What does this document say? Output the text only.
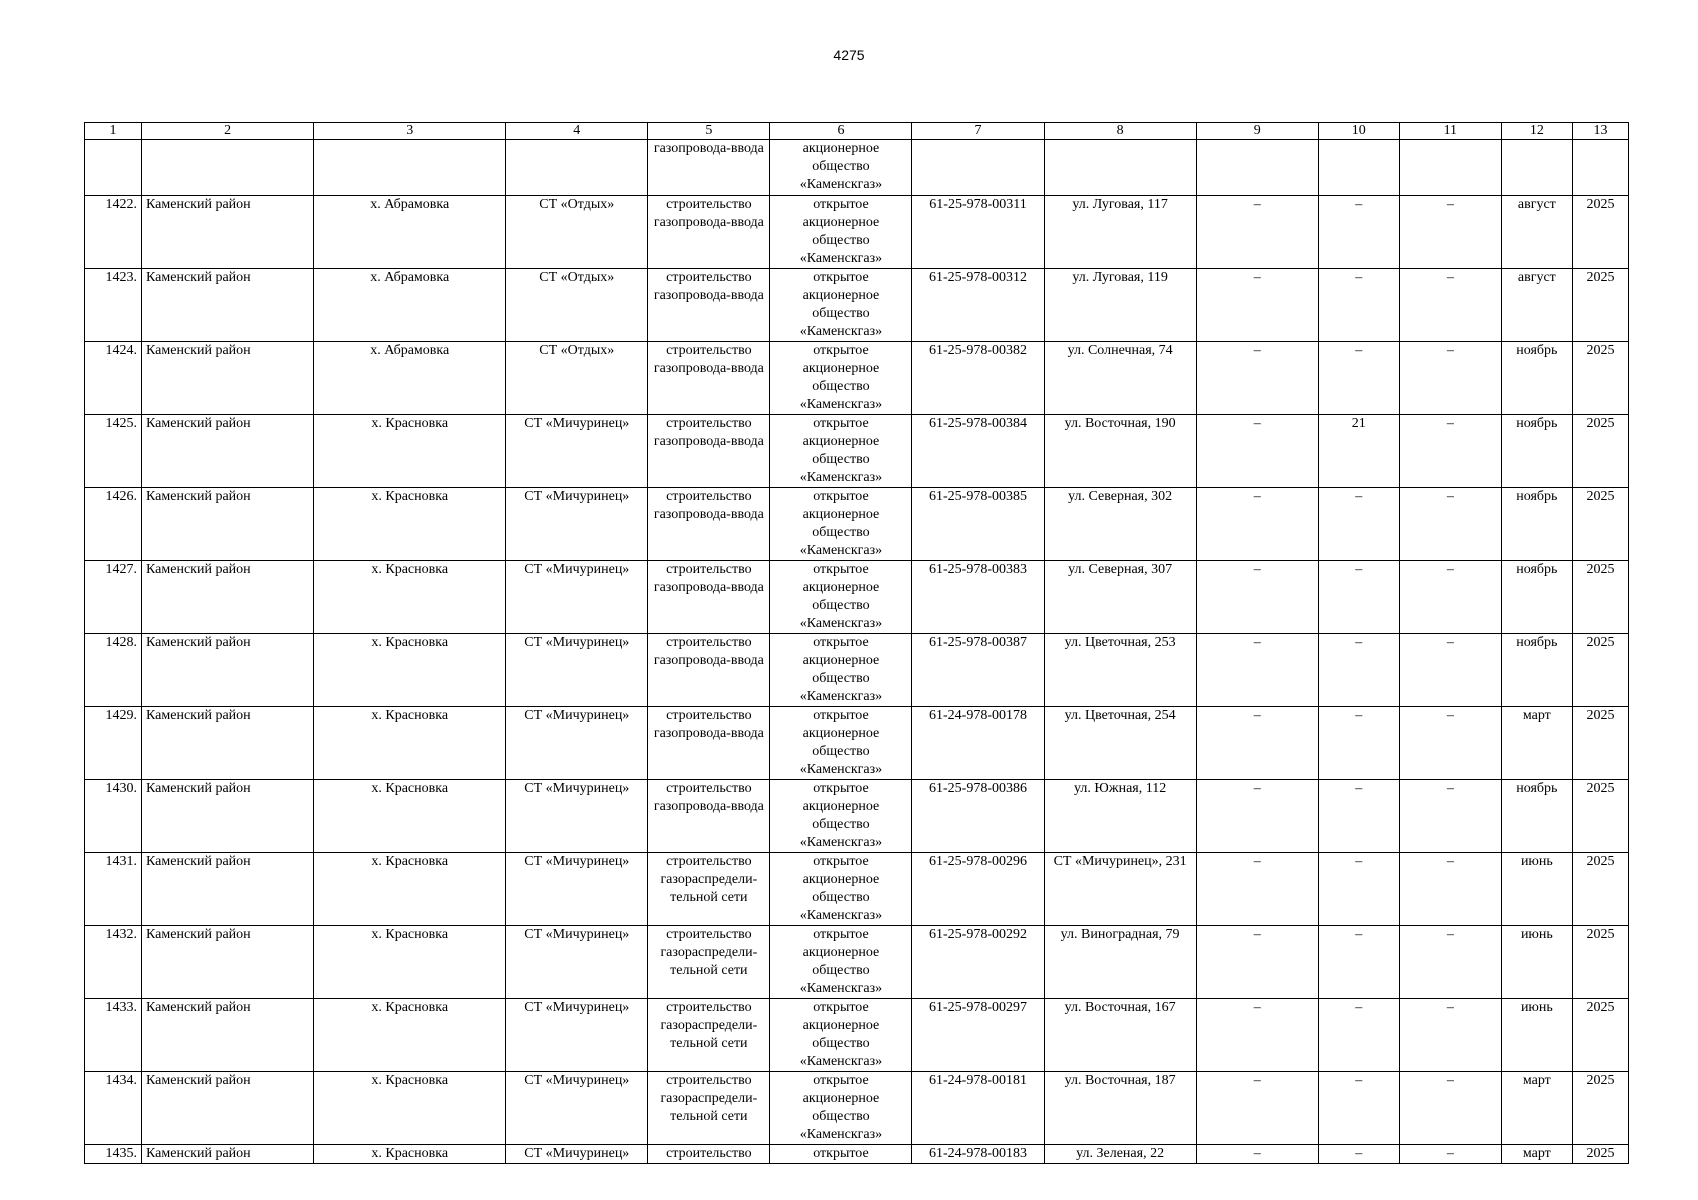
4275
1	2	3	4	5	6	7	8	9	10	11	12	13
				газопровода-ввода	акционерное общество «Каменскгаз»							
1422.	Каменский район	х. Абрамовка	СТ «Отдых»	строительство газопровода-ввода	открытое акционерное общество «Каменскгаз»	61-25-978-00311	ул. Луговая, 117	–	–	–	август	2025
1423.	Каменский район	х. Абрамовка	СТ «Отдых»	строительство газопровода-ввода	открытое акционерное общество «Каменскгаз»	61-25-978-00312	ул. Луговая, 119	–	–	–	август	2025
1424.	Каменский район	х. Абрамовка	СТ «Отдых»	строительство газопровода-ввода	открытое акционерное общество «Каменскгаз»	61-25-978-00382	ул. Солнечная, 74	–	–	–	ноябрь	2025
1425.	Каменский район	х. Красновка	СТ «Мичуринец»	строительство газопровода-ввода	открытое акционерное общество «Каменскгаз»	61-25-978-00384	ул. Восточная, 190	–	21	–	ноябрь	2025
1426.	Каменский район	х. Красновка	СТ «Мичуринец»	строительство газопровода-ввода	открытое акционерное общество «Каменскгаз»	61-25-978-00385	ул. Северная, 302	–	–	–	ноябрь	2025
1427.	Каменский район	х. Красновка	СТ «Мичуринец»	строительство газопровода-ввода	открытое акционерное общество «Каменскгаз»	61-25-978-00383	ул. Северная, 307	–	–	–	ноябрь	2025
1428.	Каменский район	х. Красновка	СТ «Мичуринец»	строительство газопровода-ввода	открытое акционерное общество «Каменскгаз»	61-25-978-00387	ул. Цветочная, 253	–	–	–	ноябрь	2025
1429.	Каменский район	х. Красновка	СТ «Мичуринец»	строительство газопровода-ввода	открытое акционерное общество «Каменскгаз»	61-24-978-00178	ул. Цветочная, 254	–	–	–	март	2025
1430.	Каменский район	х. Красновка	СТ «Мичуринец»	строительство газопровода-ввода	открытое акционерное общество «Каменскгаз»	61-25-978-00386	ул. Южная, 112	–	–	–	ноябрь	2025
1431.	Каменский район	х. Красновка	СТ «Мичуринец»	строительство газораспредели-тельной сети	открытое акционерное общество «Каменскгаз»	61-25-978-00296	СТ «Мичуринец», 231	–	–	–	июнь	2025
1432.	Каменский район	х. Красновка	СТ «Мичуринец»	строительство газораспредели-тельной сети	открытое акционерное общество «Каменскгаз»	61-25-978-00292	ул. Виноградная, 79	–	–	–	июнь	2025
1433.	Каменский район	х. Красновка	СТ «Мичуринец»	строительство газораспредели-тельной сети	открытое акционерное общество «Каменскгаз»	61-25-978-00297	ул. Восточная, 167	–	–	–	июнь	2025
1434.	Каменский район	х. Красновка	СТ «Мичуринец»	строительство газораспредели-тельной сети	открытое акционерное общество «Каменскгаз»	61-24-978-00181	ул. Восточная, 187	–	–	–	март	2025
1435.	Каменский район	х. Красновка	СТ «Мичуринец»	строительство	открытое	61-24-978-00183	ул. Зеленая, 22	–	–	–	март	2025
